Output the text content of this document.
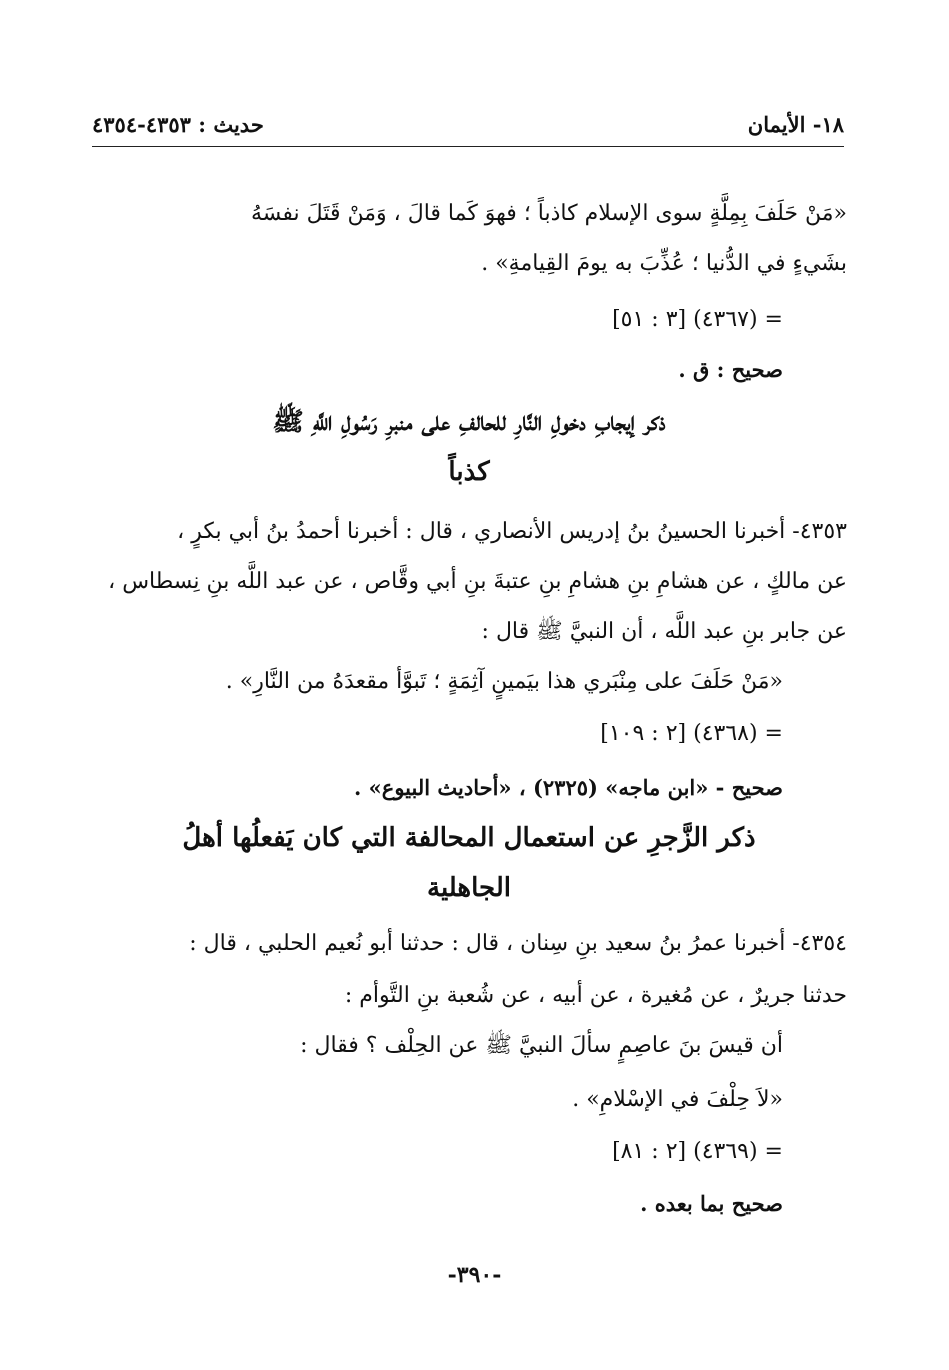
١٨- الأيمان
حديث : ٤٣٥٣-٤٣٥٤
«مَنْ حَلَفَ بِمِلَّةٍ سوى الإسلام كاذباً ؛ فهوَ كَما قالَ ، وَمَنْ قَتَلَ نفسَهُ
بشَيءٍ في الدُّنيا ؛ عُذِّبَ به يومَ القِيامةِ» .
= (٤٣٦٧) [٣ : ٥١]
صحيح : ق .
ذكر إيجابِ دخولِ النَّارِ للحالفِ على منبرِ رَسُولِ اللَّهِ ﷺ
كذباً
٤٣٥٣- أخبرنا الحسينُ بنُ إدريس الأنصاري ، قال : أخبرنا أحمدُ بنُ أبي بكرٍ ،
عن مالكٍ ، عن هشامِ بنِ هشامِ بنِ عتبةَ بنِ أبي وقَّاص ، عن عبد اللَّه بنِ نِسطاس ،
عن جابر بنِ عبد اللَّه ، أن النبيَّ ﷺ قال :
«مَنْ حَلَفَ على مِنْبَري هذا بيَمينٍ آثِمَةٍ ؛ تَبوَّأ مقعدَهُ من النَّارِ» .
= (٤٣٦٨) [٢ : ١٠٩]
صحيح - «ابن ماجه» (٢٣٢٥) ، «أحاديث البيوع» .
ذكر الزَّجرِ عن استعمال المحالفة التي كان يَفعلُها أهلُ
الجاهلية
٤٣٥٤- أخبرنا عمرُ بنُ سعيد بنِ سِنان ، قال : حدثنا أبو نُعيم الحلبي ، قال :
حدثنا جريرٌ ، عن مُغيرة ، عن أبيه ، عن شُعبة بنِ التَّوأم :
أن قيسَ بنَ عاصِمٍ سألَ النبيَّ ﷺ عن الحِلْف ؟ فقال :
«لاَ حِلْفَ في الإسْلامِ» .
= (٤٣٦٩) [٢ : ٨١]
صحيح بما بعده .
-٣٩٠-
